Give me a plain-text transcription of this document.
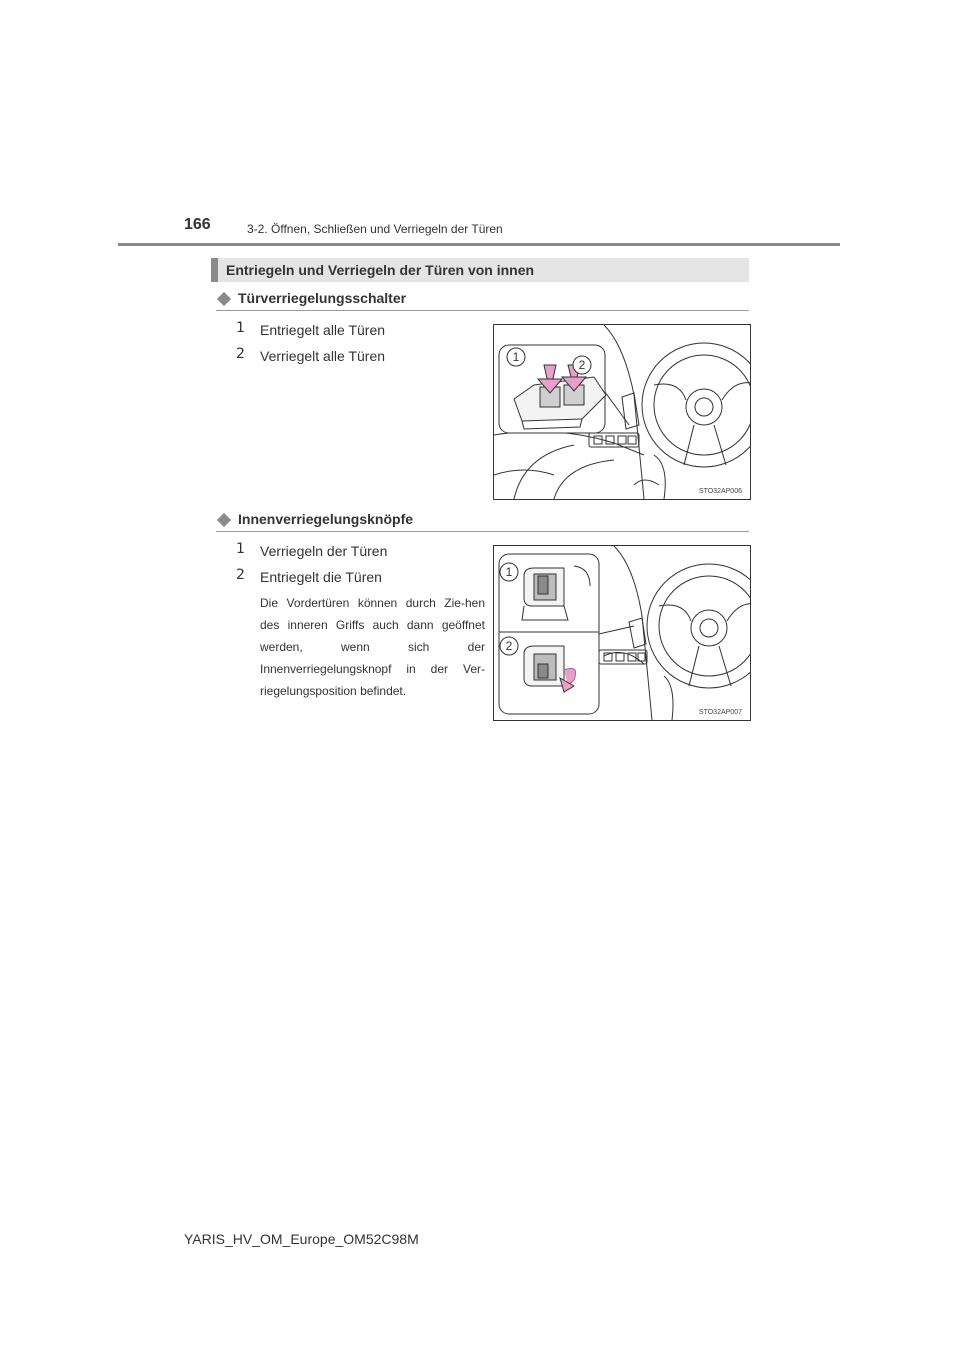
166	3-2. Öffnen, Schließen und Verriegeln der Türen
Entriegeln und Verriegeln der Türen von innen
Türverriegelungsschalter
1 Entriegelt alle Türen
2 Verriegelt alle Türen	1
2
STO32AP006
Innenverriegelungsknöpfe
1 Verriegeln der Türen
2 Entriegelt die Türen
Die Vordertüren können durch Zie-hen des inneren Griffs auch dann geöffnet werden, wenn sich der Innenverriegelungsknopf in der Ver-riegelungsposition befindet.
1
2
STO32AP007
YARIS_HV_OM_Europe_OM52C98M
